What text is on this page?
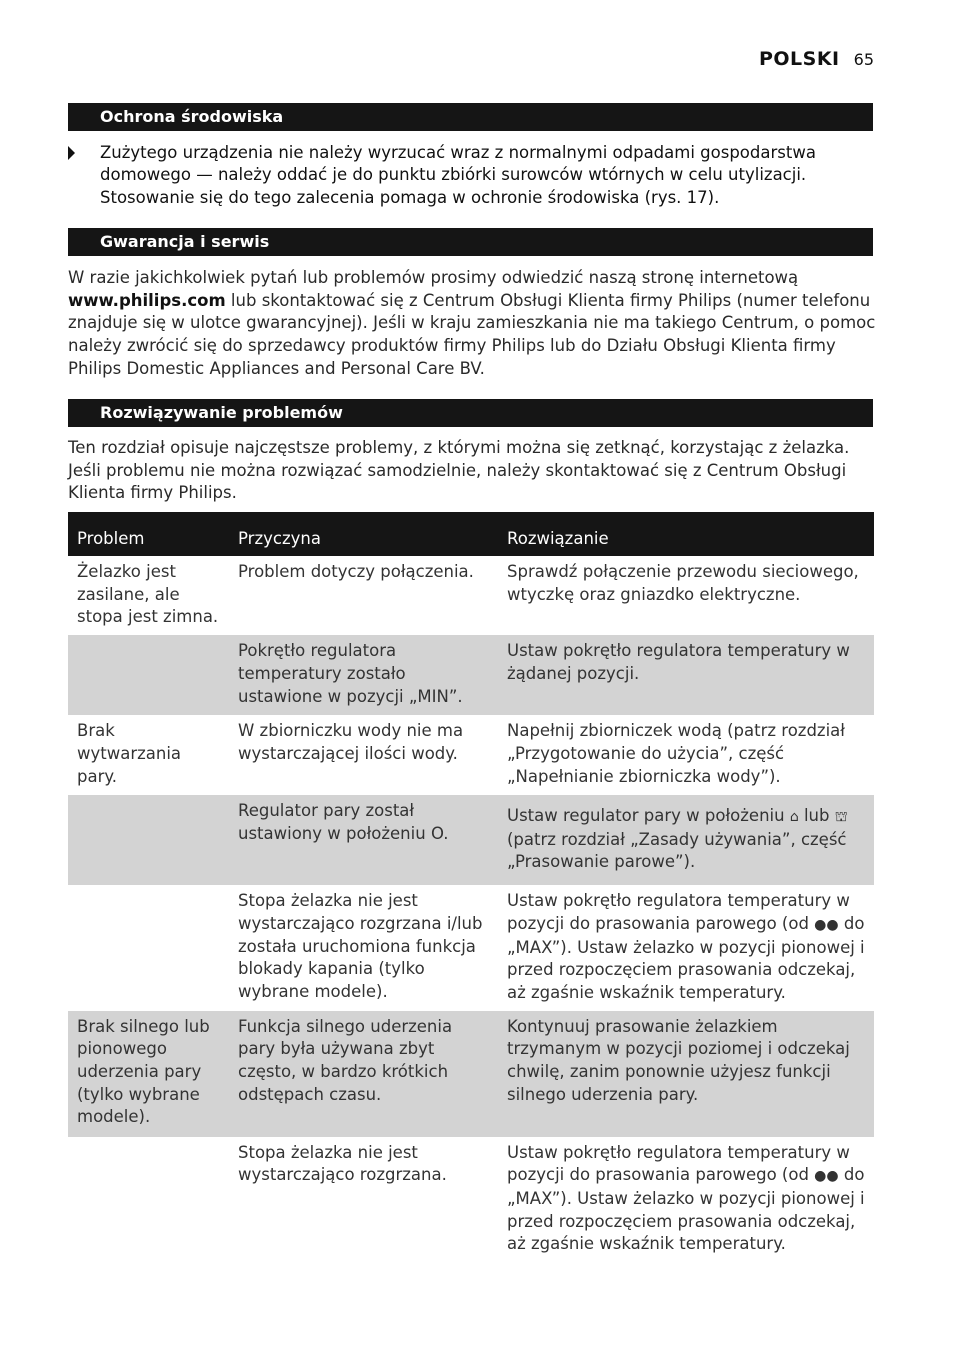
POLSKI 65
Ochrona środowiska
Zużytego urządzenia nie należy wyrzucać wraz z normalnymi odpadami gospodarstwa domowego — należy oddać je do punktu zbiórki surowców wtórnych w celu utylizacji. Stosowanie się do tego zalecenia pomaga w ochronie środowiska (rys. 17).
Gwarancja i serwis
W razie jakichkolwiek pytań lub problemów prosimy odwiedzić naszą stronę internetową www.philips.com lub skontaktować się z Centrum Obsługi Klienta firmy Philips (numer telefonu znajduje się w ulotce gwarancyjnej). Jeśli w kraju zamieszkania nie ma takiego Centrum, o pomoc należy zwrócić się do sprzedawcy produktów firmy Philips lub do Działu Obsługi Klienta firmy Philips Domestic Appliances and Personal Care BV.
Rozwiązywanie problemów
Ten rozdział opisuje najczęstsze problemy, z którymi można się zetknąć, korzystając z żelazka. Jeśli problemu nie można rozwiązać samodzielnie, należy skontaktować się z Centrum Obsługi Klienta firmy Philips.
Problem	Przyczyna	Rozwiązanie
Żelazko jest zasilane, ale stopa jest zimna.	Problem dotyczy połączenia.	Sprawdź połączenie przewodu sieciowego, wtyczkę oraz gniazdko elektryczne.
	Pokrętło regulatora temperatury zostało ustawione w pozycji „MIN”.	Ustaw pokrętło regulatora temperatury w żądanej pozycji.
Brak wytwarzania pary.	W zbiorniczku wody nie ma wystarczającej ilości wody.	Napełnij zbiorniczek wodą (patrz rozdział „Przygotowanie do użycia”, część „Napełnianie zbiorniczka wody”).
	Regulator pary został ustawiony w położeniu O.	Ustaw regulator pary w położeniu ⌂ lub ⛫ (patrz rozdział „Zasady używania”, część „Prasowanie parowe”).
	Stopa żelazka nie jest wystarczająco rozgrzana i/lub została uruchomiona funkcja blokady kapania (tylko wybrane modele).	Ustaw pokrętło regulatora temperatury w pozycji do prasowania parowego (od ●● do „MAX”). Ustaw żelazko w pozycji pionowej i przed rozpoczęciem prasowania odczekaj, aż zgaśnie wskaźnik temperatury.
Brak silnego lub pionowego uderzenia pary (tylko wybrane modele).	Funkcja silnego uderzenia pary była używana zbyt często, w bardzo krótkich odstępach czasu.	Kontynuuj prasowanie żelazkiem trzymanym w pozycji poziomej i odczekaj chwilę, zanim ponownie użyjesz funkcji silnego uderzenia pary.
	Stopa żelazka nie jest wystarczająco rozgrzana.	Ustaw pokrętło regulatora temperatury w pozycji do prasowania parowego (od ●● do „MAX”). Ustaw żelazko w pozycji pionowej i przed rozpoczęciem prasowania odczekaj, aż zgaśnie wskaźnik temperatury.
